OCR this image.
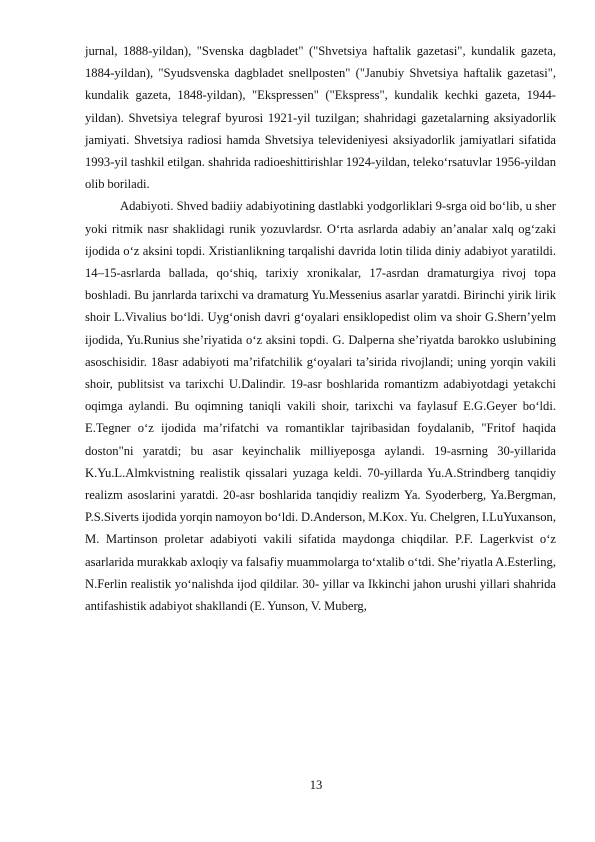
jurnal, 1888-yildan), "Svenska dagbladet" ("Shvetsiya haftalik gazetasi", kundalik gazeta, 1884-yildan), "Syudsvenska dagbladet snellposten" ("Janubiy Shvetsiya haftalik gazetasi", kundalik gazeta, 1848-yildan), "Ekspressen" ("Ekspress", kundalik kechki gazeta, 1944-yildan). Shvetsiya telegraf byurosi 1921-yil tuzilgan; shahridagi gazetalarning aksiyadorlik jamiyati. Shvetsiya radiosi hamda Shvetsiya televideniyesi aksiyadorlik jamiyatlari sifatida 1993-yil tashkil etilgan. shahrida radioeshittirishlar 1924-yildan, teleko‘rsatuvlar 1956-yildan olib boriladi.

Adabiyoti. Shved badiiy adabiyotining dastlabki yodgorliklari 9-srga oid bo‘lib, u sher yoki ritmik nasr shaklidagi runik yozuvlardsr. O‘rta asrlarda adabiy an’analar xalq og‘zaki ijodida o‘z aksini topdi. Xristianlikning tarqalishi davrida lotin tilida diniy adabiyot yaratildi. 14–15-asrlarda ballada, qo‘shiq, tarixiy xronikalar, 17-asrdan dramaturgiya rivoj topa boshladi. Bu janrlarda tarixchi va dramaturg Yu.Messenius asarlar yaratdi. Birinchi yirik lirik shoir L.Vivalius bo‘ldi. Uyg‘onish davri g‘oyalari ensiklopedist olim va shoir G.Shern’yelm ijodida, Yu.Runius she’riyatida o‘z aksini topdi. G. Dalperna she’riyatda barokko uslubining asoschisidir. 18asr adabiyoti ma’rifatchilik g‘oyalari ta’sirida rivojlandi; uning yorqin vakili shoir, publitsist va tarixchi U.Dalindir. 19-asr boshlarida romantizm adabiyotdagi yetakchi oqimga aylandi. Bu oqimning taniqli vakili shoir, tarixchi va faylasuf E.G.Geyer bo‘ldi. E.Tegner o‘z ijodida ma’rifatchi va romantiklar tajribasidan foydalanib, "Fritof haqida doston"ni yaratdi; bu asar keyinchalik milliyeposga aylandi. 19-asrning 30-yillarida K.Yu.L.Almkvistning realistik qissalari yuzaga keldi. 70-yillarda Yu.A.Strindberg tanqidiy realizm asoslarini yaratdi. 20-asr boshlarida tanqidiy realizm Ya. Syoderberg, Ya.Bergman, P.S.Siverts ijodida yorqin namoyon bo‘ldi. D.Anderson, M.Kox. Yu. Chelgren, I.LuYuxanson, M. Martinson proletar adabiyoti vakili sifatida maydonga chiqdilar. P.F. Lagerkvist o‘z asarlarida murakkab axloqiy va falsafiy muammolarga to‘xtalib o‘tdi. She’riyatla A.Esterling, N.Ferlin realistik yo‘nalishda ijod qildilar. 30- yillar va Ikkinchi jahon urushi yillari shahrida antifashistik adabiyot shakllandi (E. Yunson, V. Muberg,

13
